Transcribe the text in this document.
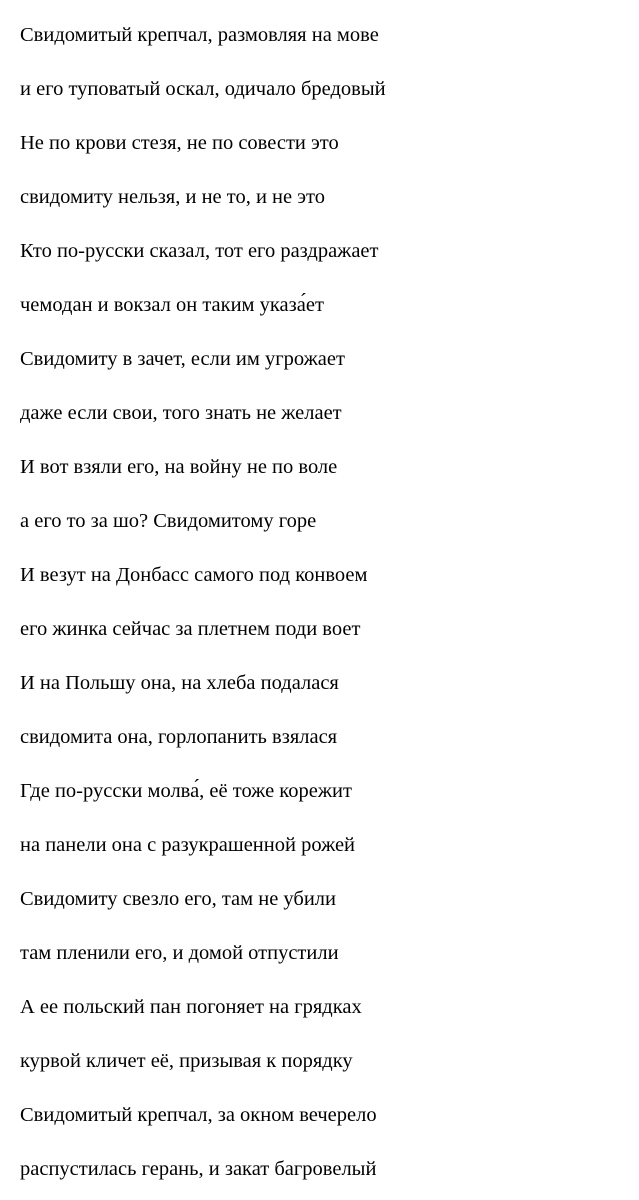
Свидомитый крепчал, размовляя на мове
и его туповатый оскал, одичало бредовый
Не по крови стезя, не по совести это
свидомиту нельзя, и не то, и не это
Кто по-русски сказал, тот его раздражает
чемодан и вокзал он таким указа́ет
Свидомиту в зачет, если им угрожает
даже если свои, того знать не желает
И вот взяли его, на войну не по воле
а его то за шо? Свидомитому горе
И везут на Донбасс самого под конвоем
его жинка сейчас за плетнем поди воет
И на Польшу она, на хлеба подалася
свидомита она, горлопанить взялася
Где по-русски молва́, её тоже корежит
на панели она с разукрашенной рожей
Свидомиту свезло его, там не убили
там пленили его, и домой отпустили
А ее польский пан погоняет на грядках
курвой кличет её, призывая к порядку
Свидомитый крепчал, за окном вечерело
распустилась герань, и закат багровелый
